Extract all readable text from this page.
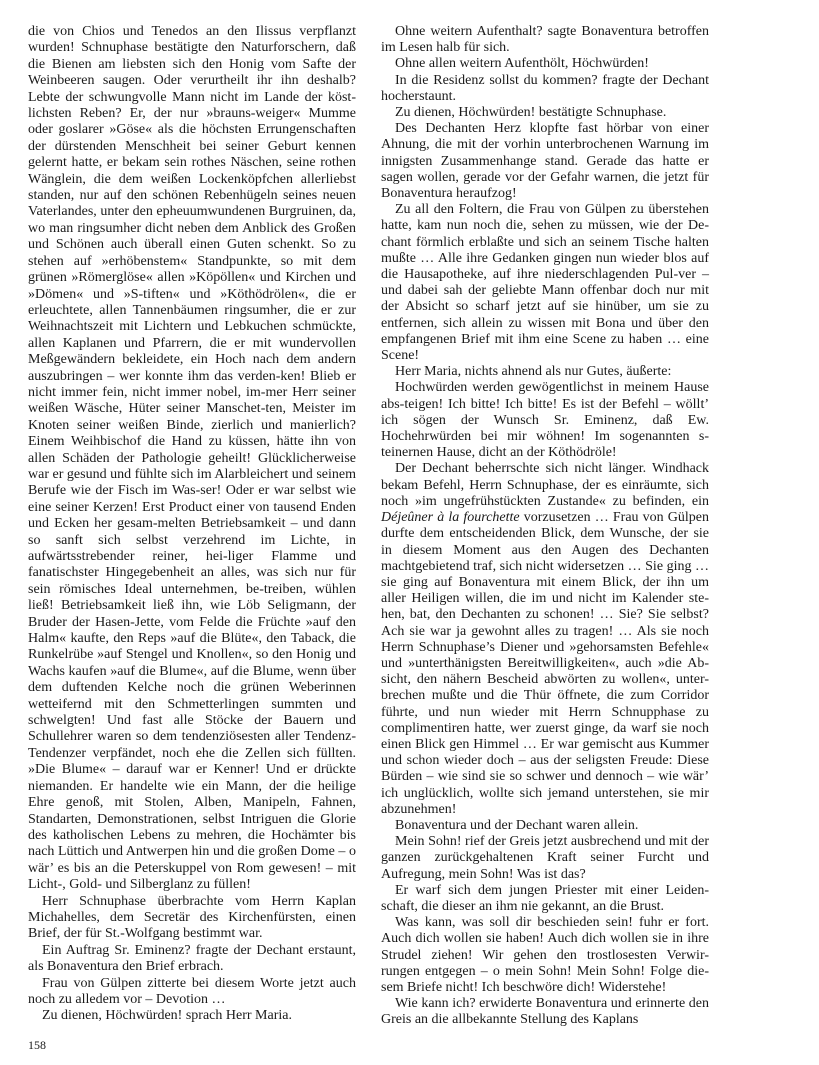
die von Chios und Tenedos an den Ilissus verpflanzt wurden! Schnuphase bestätigte den Naturforschern, daß die Bienen am liebsten sich den Honig vom Safte der Weinbeeren saugen. Oder verurtheilt ihr ihn deshalb? Lebte der schwungvolle Mann nicht im Lande der köst-lichsten Reben? Er, der nur »brauns-weiger« Mumme oder goslarer »Göse« als die höchsten Errungenschaften der dürstenden Menschheit bei seiner Geburt kennen gelernt hatte, er bekam sein rothes Näschen, seine rothen Wänglein, die dem weißen Lockenköpfchen allerliebst standen, nur auf den schönen Rebenhügeln seines neuen Vaterlandes, unter den epheuumwundenen Burgruinen, da, wo man ringsumher dicht neben dem Anblick des Großen und Schönen auch überall einen Guten schenkt. So zu stehen auf »erhöbenstem« Standpunkte, so mit dem grünen »Römerglöse« allen »Köpöllen« und Kirchen und »Dömen« und »S-tiften« und »Köthödrölen«, die er erleuchtete, allen Tannenbäumen ringsumher, die er zur Weihnachtszeit mit Lichtern und Lebkuchen schmückte, allen Kaplanen und Pfarrern, die er mit wundervollen Meßgewändern bekleidete, ein Hoch nach dem andern auszubringen – wer konnte ihm das verden-ken! Blieb er nicht immer fein, nicht immer nobel, im-mer Herr seiner weißen Wäsche, Hüter seiner Manschet-ten, Meister im Knoten seiner weißen Binde, zierlich und manierlich? Einem Weihbischof die Hand zu küssen, hätte ihn von allen Schäden der Pathologie geheilt! Glücklicherweise war er gesund und fühlte sich im Alarbleichert und seinem Berufe wie der Fisch im Was-ser! Oder er war selbst wie eine seiner Kerzen! Erst Product einer von tausend Enden und Ecken her gesam-melten Betriebsamkeit – und dann so sanft sich selbst verzehrend im Lichte, in aufwärtsstrebender reiner, hei-liger Flamme und fanatischster Hingegebenheit an alles, was sich nur für sein römisches Ideal unternehmen, be-treiben, wühlen ließ! Betriebsamkeit ließ ihn, wie Löb Seligmann, der Bruder der Hasen-Jette, vom Felde die Früchte »auf den Halm« kaufte, den Reps »auf die Blüte«, den Taback, die Runkelrübe »auf Stengel und Knollen«, so den Honig und Wachs kaufen »auf die Blume«, auf die Blume, wenn über dem duftenden Kelche noch die grünen Weberinnen wetteifernd mit den Schmetterlingen summten und schwelgten! Und fast alle Stöcke der Bauern und Schullehrer waren so dem tendenziösesten aller Tendenz-Tendenzer verpfändet, noch ehe die Zellen sich füllten. »Die Blume« – darauf war er Kenner! Und er drückte niemanden. Er handelte wie ein Mann, der die heilige Ehre genoß, mit Stolen, Alben, Manipeln, Fahnen, Standarten, Demonstrationen, selbst Intriguen die Glorie des katholischen Lebens zu mehren, die Hochämter bis nach Lüttich und Antwerpen hin und die großen Dome – o wär’ es bis an die Peterskuppel von Rom gewesen! – mit Licht-, Gold- und Silberglanz zu füllen!

Herr Schnuphase überbrachte vom Herrn Kaplan Michahelles, dem Secretär des Kirchenfürsten, einen Brief, der für St.-Wolfgang bestimmt war.

Ein Auftrag Sr. Eminenz? fragte der Dechant erstaunt, als Bonaventura den Brief erbrach.

Frau von Gülpen zitterte bei diesem Worte jetzt auch noch zu alledem vor – Devotion …

Zu dienen, Höchwürden! sprach Herr Maria.

Ohne weitern Aufenthalt? sagte Bonaventura betroffen im Lesen halb für sich.

Ohne allen weitern Aufenthölt, Höchwürden!

In die Residenz sollst du kommen? fragte der Dechant hocherstaunt.

Zu dienen, Höchwürden! bestätigte Schnuphase.

Des Dechanten Herz klopfte fast hörbar von einer Ahnung, die mit der vorhin unterbrochenen Warnung im innigsten Zusammenhange stand. Gerade das hatte er sagen wollen, gerade vor der Gefahr warnen, die jetzt für Bonaventura heraufzog!

Zu all den Foltern, die Frau von Gülpen zu überstehen hatte, kam nun noch die, sehen zu müssen, wie der De-chant förmlich erblaßte und sich an seinem Tische halten mußte … Alle ihre Gedanken gingen nun wieder blos auf die Hausapotheke, auf ihre niederschlagenden Pul-ver – und dabei sah der geliebte Mann offenbar doch nur mit der Absicht so scharf jetzt auf sie hinüber, um sie zu entfernen, sich allein zu wissen mit Bona und über den empfangenen Brief mit ihm eine Scene zu haben … eine Scene!

Herr Maria, nichts ahnend als nur Gutes, äußerte:

Hochwürden werden gewögentlichst in meinem Hause abs-teigen! Ich bitte! Ich bitte! Es ist der Befehl – wöllt’ ich sögen der Wunsch Sr. Eminenz, daß Ew. Hochehrwürden bei mir wöhnen! Im sogenannten s-teinernen Hause, dicht an der Köthödröle!

Der Dechant beherrschte sich nicht länger. Windhack bekam Befehl, Herrn Schnuphase, der es einräumte, sich noch »im ungefrühstückten Zustande« zu befinden, ein Déjeûner à la fourchette vorzusetzen … Frau von Gülpen durfte dem entscheidenden Blick, dem Wunsche, der sie in diesem Moment aus den Augen des Dechanten machtgebietend traf, sich nicht widersetzen … Sie ging … sie ging auf Bonaventura mit einem Blick, der ihn um aller Heiligen willen, die im und nicht im Kalender ste-hen, bat, den Dechanten zu schonen! … Sie? Sie selbst? Ach sie war ja gewohnt alles zu tragen! … Als sie noch Herrn Schnuphase’s Diener und »gehorsamsten Befehle« und »unterthänigsten Bereitwilligkeiten«, auch »die Ab-sicht, den nähern Bescheid abwörten zu wollen«, unter-brechen mußte und die Thür öffnete, die zum Corridor führte, und nun wieder mit Herrn Schnupphase zu complimentiren hatte, wer zuerst ginge, da warf sie noch einen Blick gen Himmel … Er war gemischt aus Kummer und schon wieder doch – aus der seligsten Freude: Diese Bürden – wie sind sie so schwer und dennoch – wie wär’ ich unglücklich, wollte sich jemand unterstehen, sie mir abzunehmen!

Bonaventura und der Dechant waren allein.

Mein Sohn! rief der Greis jetzt ausbrechend und mit der ganzen zurückgehaltenen Kraft seiner Furcht und Aufregung, mein Sohn! Was ist das?

Er warf sich dem jungen Priester mit einer Leiden-schaft, die dieser an ihm nie gekannt, an die Brust.

Was kann, was soll dir beschieden sein! fuhr er fort. Auch dich wollen sie haben! Auch dich wollen sie in ihre Strudel ziehen! Wir gehen den trostlosesten Verwir-rungen entgegen – o mein Sohn! Mein Sohn! Folge die-sem Briefe nicht! Ich beschwöre dich! Widerstehe!

Wie kann ich? erwiderte Bonaventura und erinnerte den Greis an die allbekannte Stellung des Kaplans

158
